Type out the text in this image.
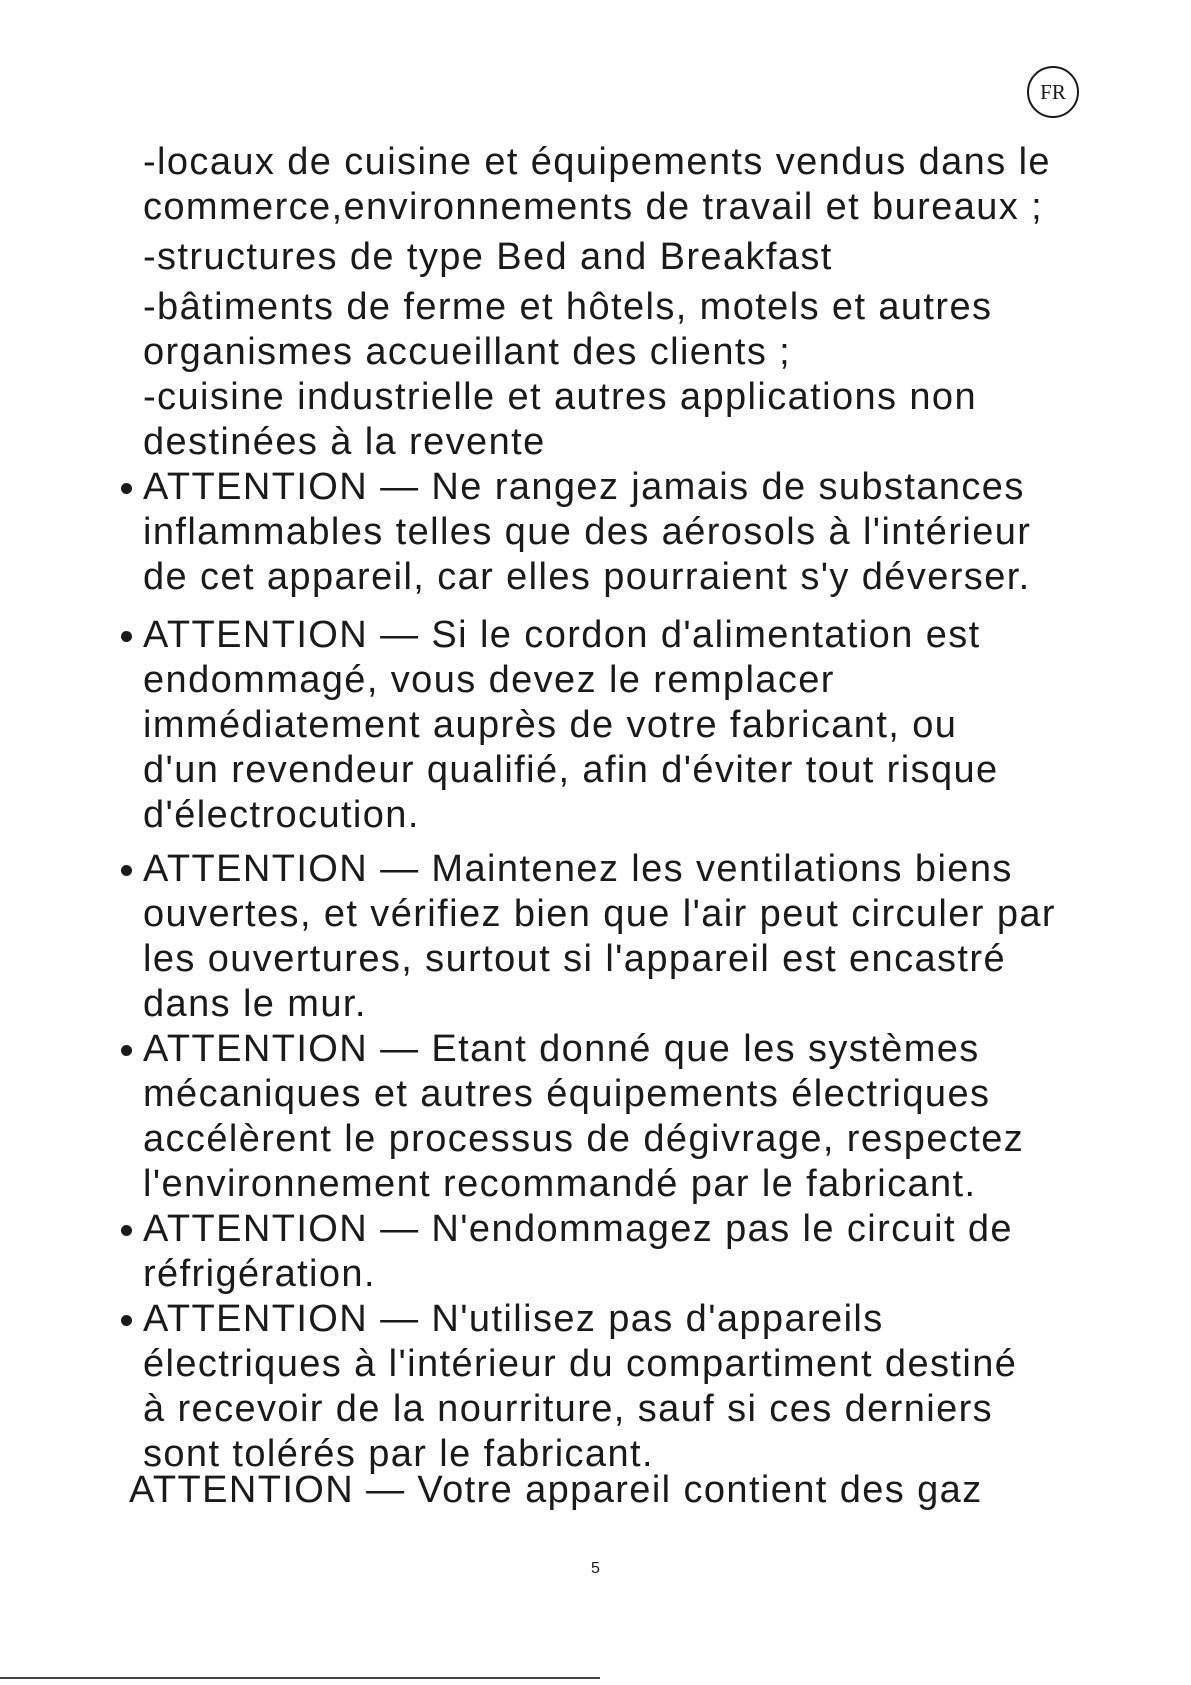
FR
-locaux de cuisine et équipements vendus dans le
commerce,environnements de travail et bureaux ;
-structures de type Bed and Breakfast
-bâtiments de ferme et hôtels, motels et autres
organismes accueillant des clients ;
-cuisine industrielle et autres applications non
destinées à la revente
ATTENTION — Ne rangez jamais de substances
inflammables telles que des aérosols à l'intérieur
de cet appareil, car elles pourraient s'y déverser.
ATTENTION — Si le cordon d'alimentation est
endommagé, vous devez le remplacer
immédiatement auprès de votre fabricant, ou
d'un revendeur qualifié, afin d'éviter tout risque
d'électrocution.
ATTENTION — Maintenez les ventilations biens
ouvertes, et vérifiez bien que l'air peut circuler par
les ouvertures, surtout si l'appareil est encastré
dans le mur.
ATTENTION — Etant donné que les systèmes
mécaniques et autres équipements électriques
accélèrent le processus de dégivrage, respectez
l'environnement recommandé par le fabricant.
ATTENTION — N'endommagez pas le circuit de
réfrigération.
ATTENTION — N'utilisez pas d'appareils
électriques à l'intérieur du compartiment destiné
à recevoir de la nourriture, sauf si ces derniers
sont tolérés par le fabricant.
ATTENTION — Votre appareil contient des gaz
5
